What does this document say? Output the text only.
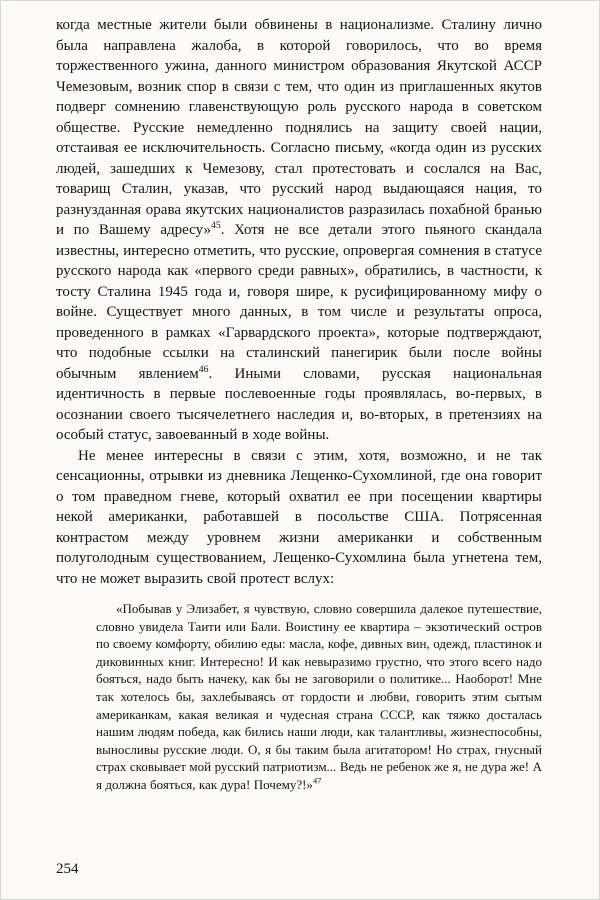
когда местные жители были обвинены в национализме. Сталину лично была направлена жалоба, в которой говорилось, что во время торжественного ужина, данного министром образования Якутской АССР Чемезовым, возник спор в связи с тем, что один из приглашенных якутов подверг сомнению главенствующую роль русского народа в советском обществе. Русские немедленно поднялись на защиту своей нации, отстаивая ее исключительность. Согласно письму, «когда один из русских людей, зашедших к Чемезову, стал протестовать и сослался на Вас, товарищ Сталин, указав, что русский народ выдающаяся нация, то разнузданная орава якутских националистов разразилась похабной бранью и по Вашему адресу»$^{45}$. Хотя не все детали этого пьяного скандала известны, интересно отметить, что русские, опровергая сомнения в статусе русского народа как «первого среди равных», обратились, в частности, к тосту Сталина 1945 года и, говоря шире, к русифицированному мифу о войне. Существует много данных, в том числе и результаты опроса, проведенного в рамках «Гарвардского проекта», которые подтверждают, что подобные ссылки на сталинский панегирик были после войны обычным явлением$^{46}$. Иными словами, русская национальная идентичность в первые послевоенные годы проявлялась, во-первых, в осознании своего тысячелетнего наследия и, во-вторых, в претензиях на особый статус, завоеванный в ходе войны.

Не менее интересны в связи с этим, хотя, возможно, и не так сенсационны, отрывки из дневника Лещенко-Сухомлиной, где она говорит о том праведном гневе, который охватил ее при посещении квартиры некой американки, работавшей в посольстве США. Потрясенная контрастом между уровнем жизни американки и собственным полуголодным существованием, Лещенко-Сухомлина была угнетена тем, что не может выразить свой протест вслух:

«Побывав у Элизабет, я чувствую, словно совершила далекое путешествие, словно увидела Таити или Бали. Воистину ее квартира – экзотический остров по своему комфорту, обилию еды: масла, кофе, дивных вин, одежд, пластинок и диковинных книг. Интересно! И как невыразимо грустно, что этого всего надо бояться, надо быть начеку, как бы не заговорили о политике... Наоборот! Мне так хотелось бы, захлебываясь от гордости и любви, говорить этим сытым американкам, какая великая и чудесная страна СССР, как тяжко досталась нашим людям победа, как бились наши люди, как талантливы, жизнеспособны, выносливы русские люди. О, я бы таким была агитатором! Но страх, гнусный страх сковывает мой русский патриотизм... Ведь не ребенок же я, не дура же! А я должна бояться, как дура! Почему?!»$^{47}$
254
